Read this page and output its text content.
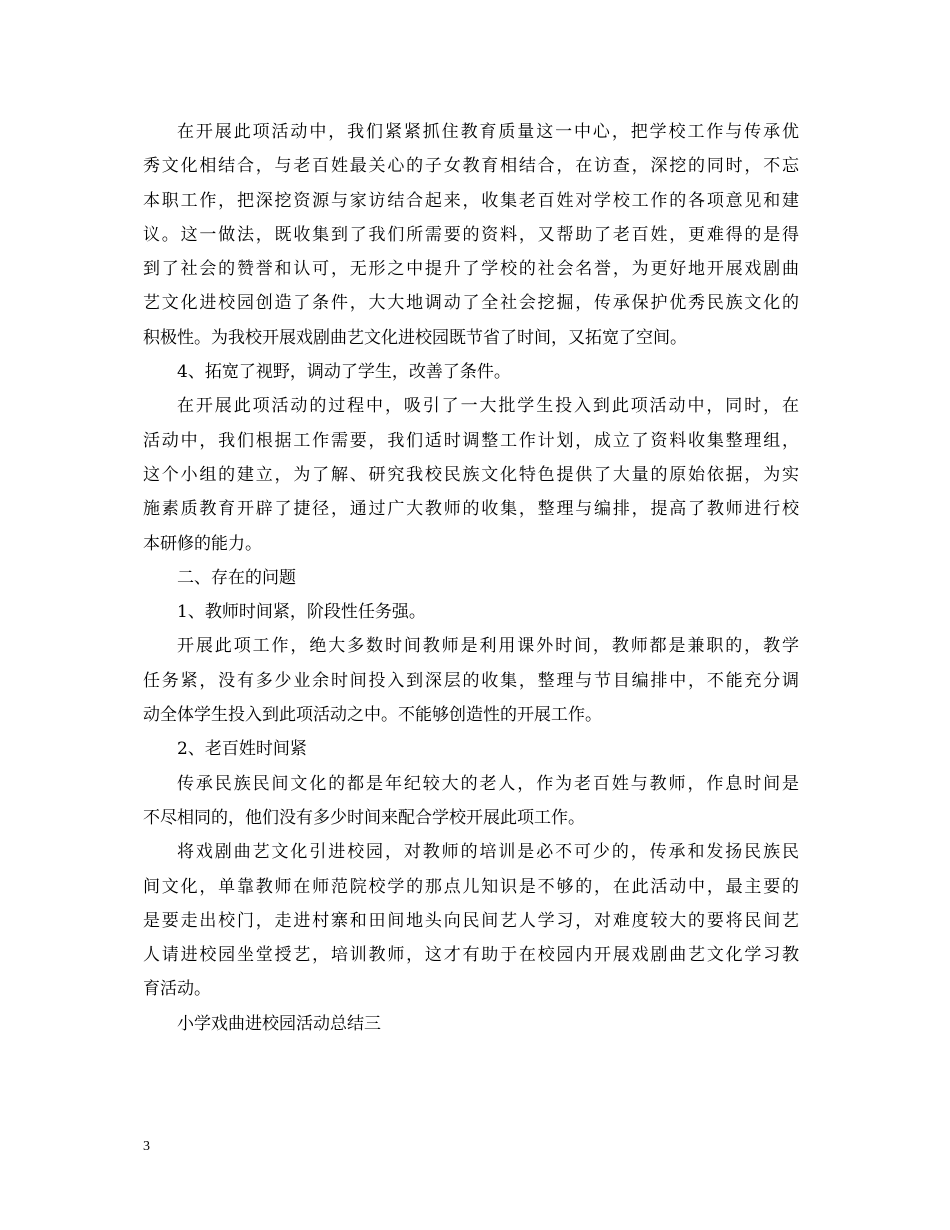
在开展此项活动中，我们紧紧抓住教育质量这一中心，把学校工作与传承优
秀文化相结合，与老百姓最关心的子女教育相结合，在访查，深挖的同时，不忘
本职工作，把深挖资源与家访结合起来，收集老百姓对学校工作的各项意见和建
议。这一做法，既收集到了我们所需要的资料，又帮助了老百姓，更难得的是得
到了社会的赞誉和认可，无形之中提升了学校的社会名誉，为更好地开展戏剧曲
艺文化进校园创造了条件，大大地调动了全社会挖掘，传承保护优秀民族文化的
积极性。为我校开展戏剧曲艺文化进校园既节省了时间，又拓宽了空间。

4、拓宽了视野，调动了学生，改善了条件。

在开展此项活动的过程中，吸引了一大批学生投入到此项活动中，同时，在
活动中，我们根据工作需要，我们适时调整工作计划，成立了资料收集整理组，
这个小组的建立，为了解、研究我校民族文化特色提供了大量的原始依据，为实
施素质教育开辟了捷径，通过广大教师的收集，整理与编排，提高了教师进行校
本研修的能力。

二、存在的问题

1、教师时间紧，阶段性任务强。

开展此项工作，绝大多数时间教师是利用课外时间，教师都是兼职的，教学
任务紧，没有多少业余时间投入到深层的收集，整理与节目编排中，不能充分调
动全体学生投入到此项活动之中。不能够创造性的开展工作。

2、老百姓时间紧

传承民族民间文化的都是年纪较大的老人，作为老百姓与教师，作息时间是
不尽相同的，他们没有多少时间来配合学校开展此项工作。

将戏剧曲艺文化引进校园，对教师的培训是必不可少的，传承和发扬民族民
间文化，单靠教师在师范院校学的那点儿知识是不够的，在此活动中，最主要的
是要走出校门，走进村寨和田间地头向民间艺人学习，对难度较大的要将民间艺
人请进校园坐堂授艺，培训教师，这才有助于在校园内开展戏剧曲艺文化学习教
育活动。

小学戏曲进校园活动总结三

3
